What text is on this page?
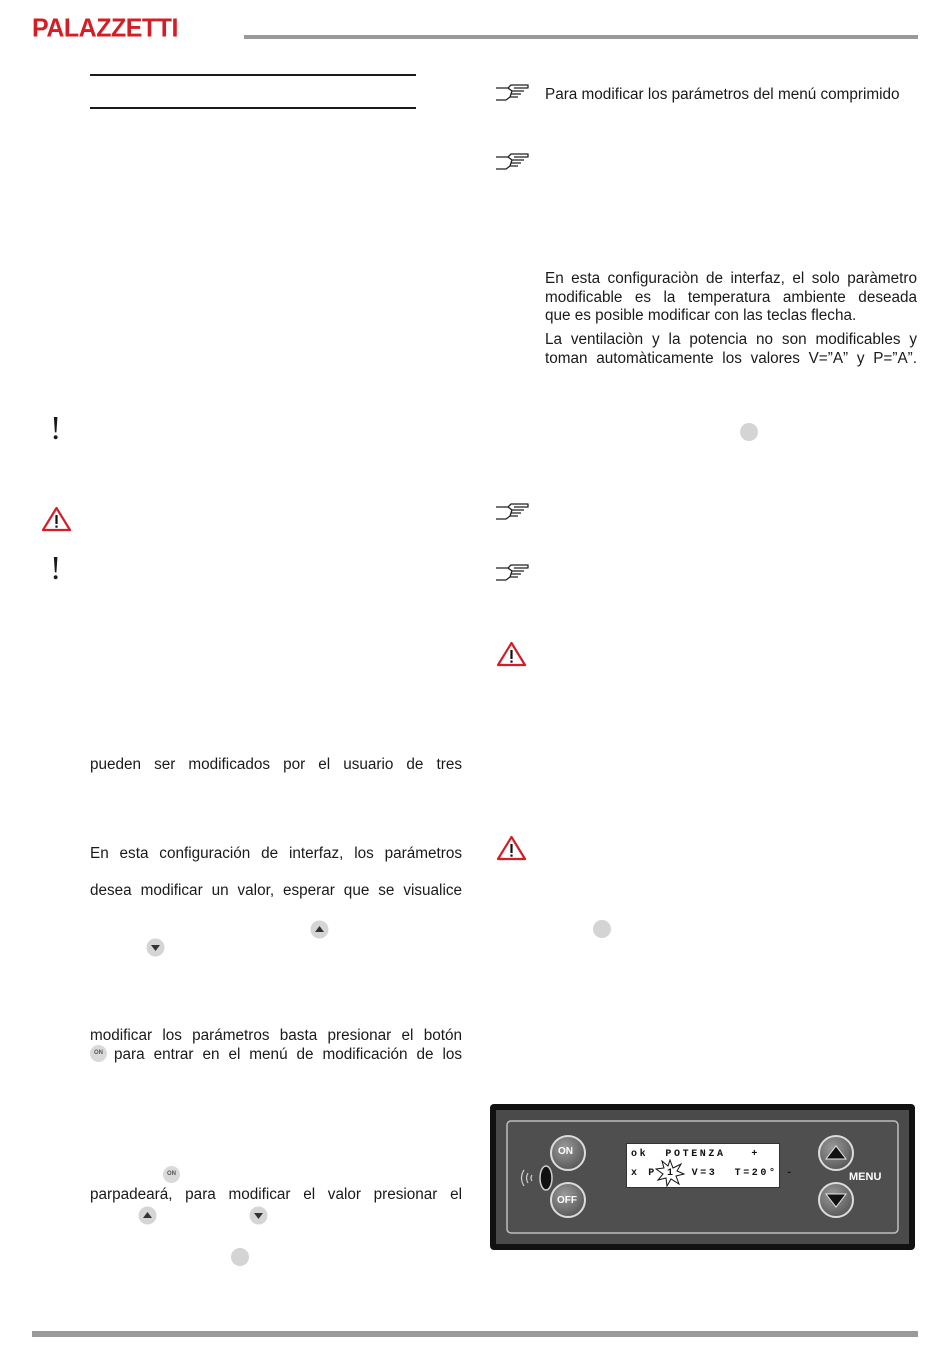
PALAZZETTI
!
!
pueden ser modificados por el usuario de tres
En esta configuración de interfaz, los parámetros
desea modificar un valor, esperar que se visualice
modificar los parámetros basta presionar el botón
ON para entrar en el menú de modificación de los
ON
parpadeará, para modificar el valor presionar el
Para modificar los parámetros del menú comprimido
En esta configuraciòn de interfaz, el solo paràmetro
modificable es la temperatura ambiente deseada
que es posible modificar con las teclas flecha.
La ventilaciòn y la potencia no son modificables y
toman automàticamente los valores V=”A” y P=”A”.
ON
OFF
MENU
ok  POTENZA   +
x P 1 V=3  T=20° -
